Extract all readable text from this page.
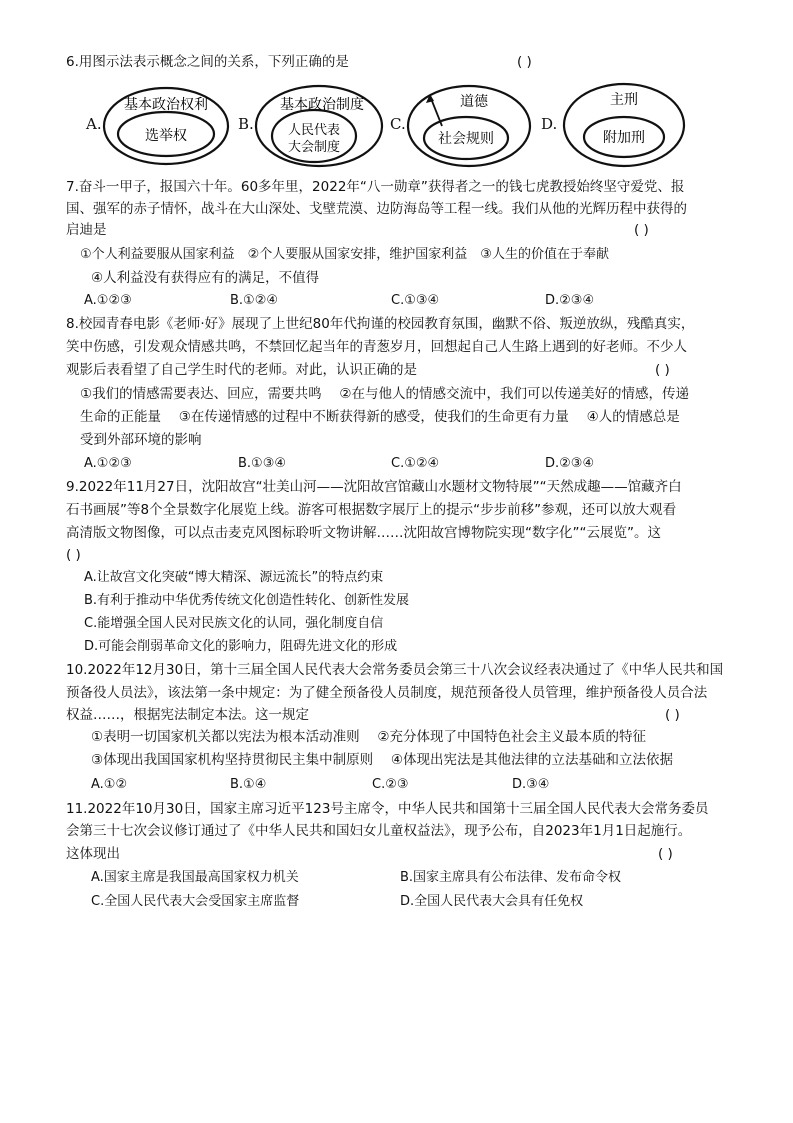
6.用图示法表示概念之间的关系，下列正确的是	( )
A.
基本政治权利
选举权
B.
基本政治制度
人民代表
大会制度
C.
道德
社会规则
D.
主刑
附加刑
7.奋斗一甲子，报国六十年。60多年里，2022年“八一勋章”获得者之一的钱七虎教授始终坚守爱党、报
国、强军的赤子情怀，战斗在大山深处、戈壁荒漠、边防海岛等工程一线。我们从他的光辉历程中获得的
启迪是	( )
①个人利益要服从国家利益　②个人要服从国家安排，维护国家利益　③人生的价值在于奉献
④人利益没有获得应有的满足，不值得
A.①②③	B.①②④	C.①③④	D.②③④
8.校园青春电影《老师·好》展现了上世纪80年代拘谨的校园教育氛围，幽默不俗、叛逆放纵，残酷真实，
笑中伤感，引发观众情感共鸣，不禁回忆起当年的青葱岁月，回想起自己人生路上遇到的好老师。不少人
观影后表看望了自己学生时代的老师。对此，认识正确的是	( )
①我们的情感需要表达、回应，需要共鸣　 ②在与他人的情感交流中，我们可以传递美好的情感，传递
生命的正能量　 ③在传递情感的过程中不断获得新的感受，使我们的生命更有力量　 ④人的情感总是
受到外部环境的影响
A.①②③	B.①③④	C.①②④	D.②③④
9.2022年11月27日，沈阳故宫“壮美山河——沈阳故宫馆藏山水题材文物特展”“天然成趣——馆藏齐白
石书画展”等8个全景数字化展览上线。游客可根据数字展厅上的提示“步步前移”参观，还可以放大观看
高清版文物图像，可以点击麦克风图标聆听文物讲解……沈阳故宫博物院实现“数字化”“云展览”。这
( )
A.让故宫文化突破“博大精深、源远流长”的特点约束
B.有利于推动中华优秀传统文化创造性转化、创新性发展
C.能增强全国人民对民族文化的认同，强化制度自信
D.可能会削弱革命文化的影响力，阻碍先进文化的形成
10.2022年12月30日，第十三届全国人民代表大会常务委员会第三十八次会议经表决通过了《中华人民共和国
预备役人员法》，该法第一条中规定：为了健全预备役人员制度，规范预备役人员管理，维护预备役人员合法
权益……，根据宪法制定本法。这一规定	( )
①表明一切国家机关都以宪法为根本活动准则　 ②充分体现了中国特色社会主义最本质的特征
③体现出我国国家机构坚持贯彻民主集中制原则　 ④体现出宪法是其他法律的立法基础和立法依据
A.①②	B.①④	C.②③	D.③④
11.2022年10月30日，国家主席习近平123号主席令，中华人民共和国第十三届全国人民代表大会常务委员
会第三十七次会议修订通过了《中华人民共和国妇女儿童权益法》，现予公布，自2023年1月1日起施行。
这体现出	( )
A.国家主席是我国最高国家权力机关	B.国家主席具有公布法律、发布命令权
C.全国人民代表大会受国家主席监督	D.全国人民代表大会具有任免权
